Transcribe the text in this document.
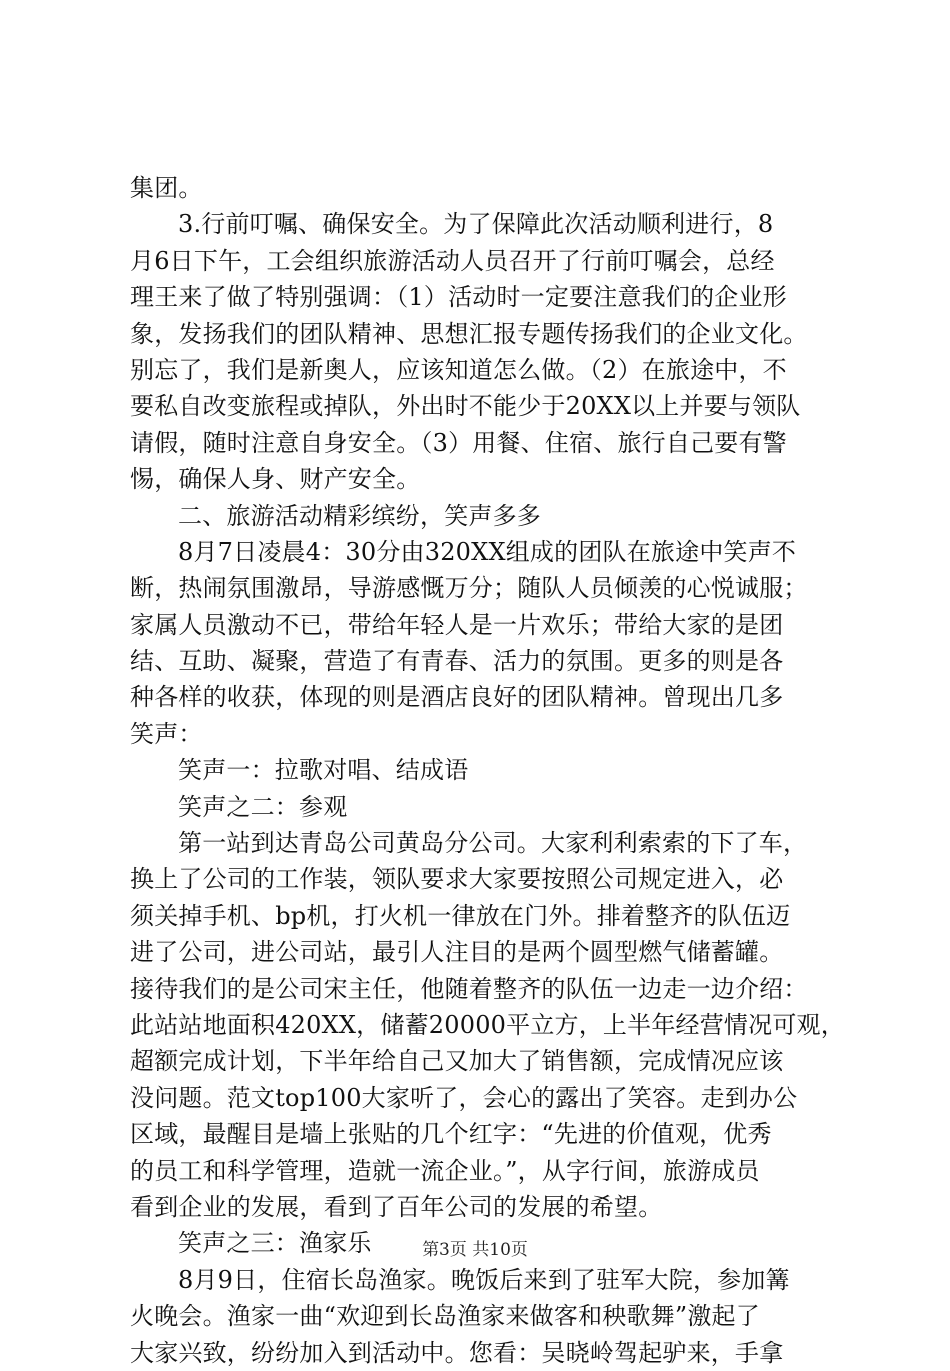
集团。
3.行前叮嘱、确保安全。为了保障此次活动顺利进行，8
月6日下午，工会组织旅游活动人员召开了行前叮嘱会，总经
理王来了做了特别强调：（1）活动时一定要注意我们的企业形
象，发扬我们的团队精神、思想汇报专题传扬我们的企业文化。
别忘了，我们是新奥人，应该知道怎么做。（2）在旅途中，不
要私自改变旅程或掉队，外出时不能少于20XX以上并要与领队
请假，随时注意自身安全。（3）用餐、住宿、旅行自己要有警
惕，确保人身、财产安全。
二、旅游活动精彩缤纷，笑声多多
8月7日凌晨4：30分由320XX组成的团队在旅途中笑声不
断，热闹氛围激昂，导游感慨万分；随队人员倾羡的心悦诚服；
家属人员激动不已，带给年轻人是一片欢乐；带给大家的是团
结、互助、凝聚，营造了有青春、活力的氛围。更多的则是各
种各样的收获，体现的则是酒店良好的团队精神。曾现出几多
笑声：
笑声一：拉歌对唱、结成语
笑声之二：参观
第一站到达青岛公司黄岛分公司。大家利利索索的下了车，
换上了公司的工作装，领队要求大家要按照公司规定进入，必
须关掉手机、bp机，打火机一律放在门外。排着整齐的队伍迈
进了公司，进公司站，最引人注目的是两个圆型燃气储蓄罐。
接待我们的是公司宋主任，他随着整齐的队伍一边走一边介绍：
此站站地面积420XX，储蓄20000平立方，上半年经营情况可观，
超额完成计划，下半年给自己又加大了销售额，完成情况应该
没问题。范文top100大家听了，会心的露出了笑容。走到办公
区域，最醒目是墙上张贴的几个红字：“先进的价值观，优秀
的员工和科学管理，造就一流企业。”，从字行间，旅游成员
看到企业的发展，看到了百年公司的发展的希望。
笑声之三：渔家乐
8月9日，住宿长岛渔家。晚饭后来到了驻军大院，参加篝
火晚会。渔家一曲“欢迎到长岛渔家来做客和秧歌舞”激起了
大家兴致，纷纷加入到活动中。您看：吴晓岭驾起驴来，手拿
第3页 共10页
